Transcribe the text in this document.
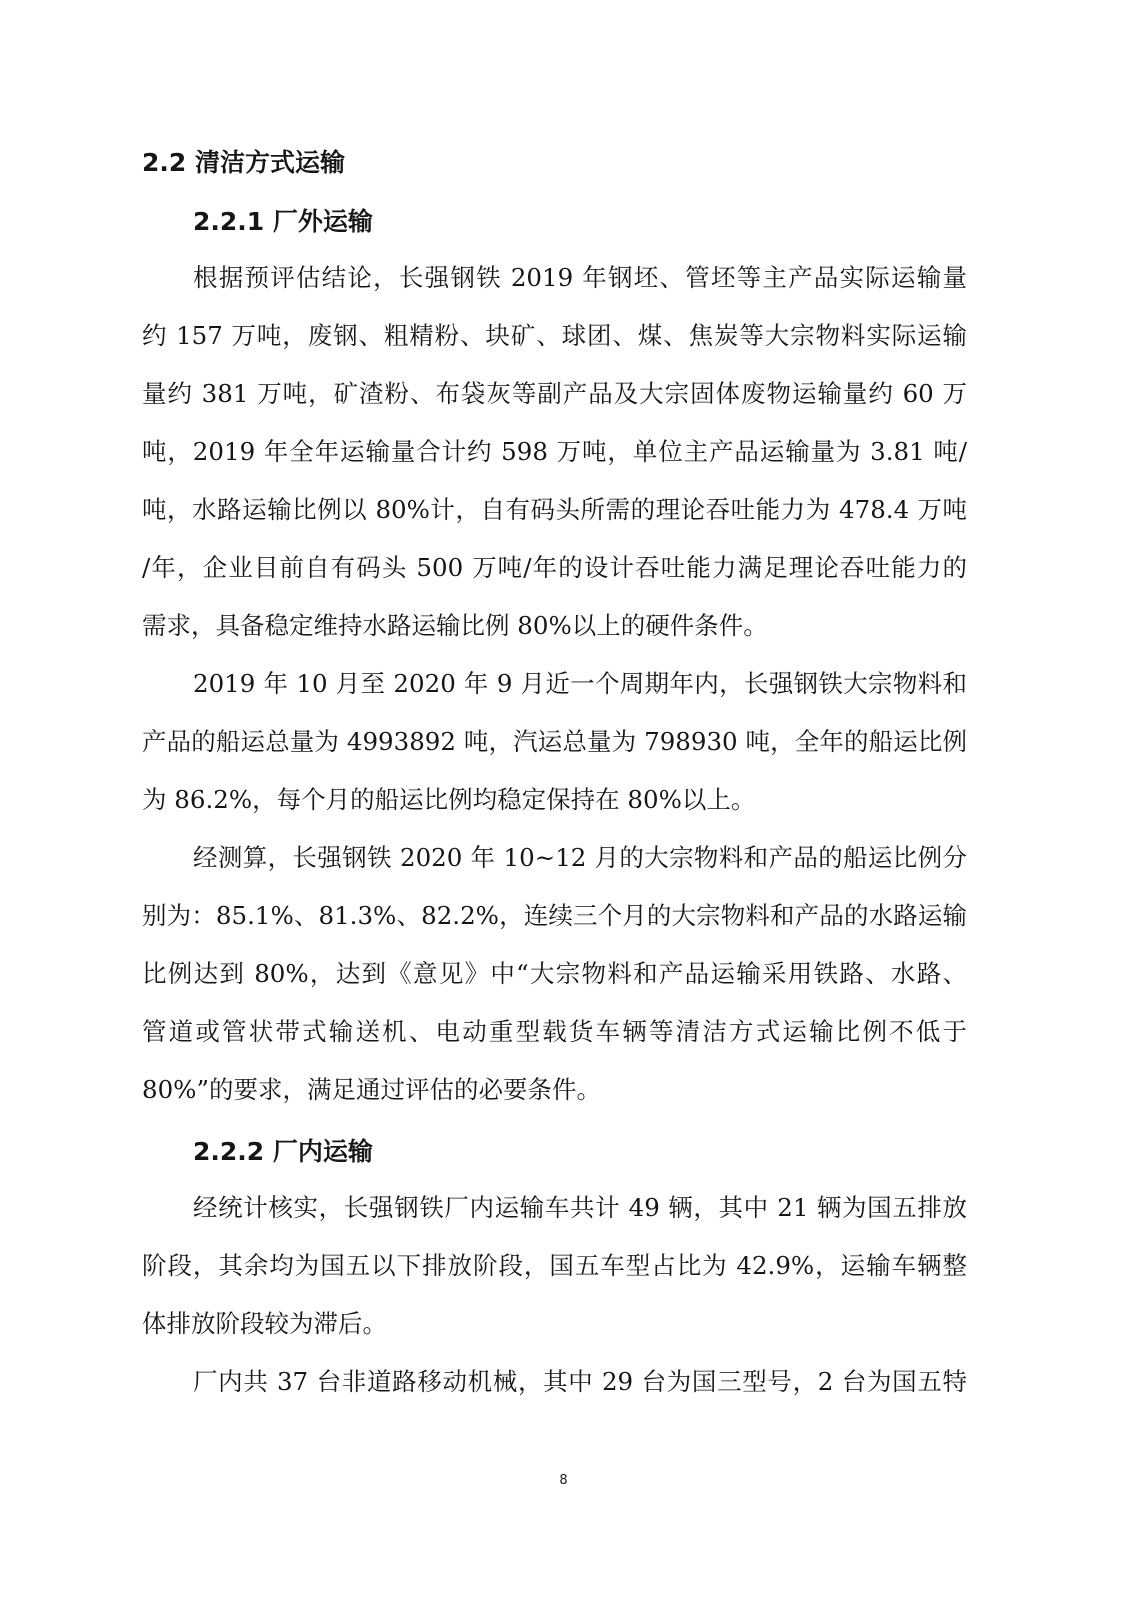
2.2 清洁方式运输
2.2.1 厂外运输

根据预评估结论，长强钢铁 2019 年钢坯、管坯等主产品实际运输量
约 157 万吨，废钢、粗精粉、块矿、球团、煤、焦炭等大宗物料实际运输
量约 381 万吨，矿渣粉、布袋灰等副产品及大宗固体废物运输量约 60 万
吨，2019 年全年运输量合计约 598 万吨，单位主产品运输量为 3.81 吨/
吨，水路运输比例以 80%计，自有码头所需的理论吞吐能力为 478.4 万吨
/年，企业目前自有码头 500 万吨/年的设计吞吐能力满足理论吞吐能力的
需求，具备稳定维持水路运输比例 80%以上的硬件条件。

2019 年 10 月至 2020 年 9 月近一个周期年内，长强钢铁大宗物料和
产品的船运总量为 4993892 吨，汽运总量为 798930 吨，全年的船运比例
为 86.2%，每个月的船运比例均稳定保持在 80%以上。

经测算，长强钢铁 2020 年 10~12 月的大宗物料和产品的船运比例分
别为：85.1%、81.3%、82.2%，连续三个月的大宗物料和产品的水路运输
比例达到 80%，达到《意见》中“大宗物料和产品运输采用铁路、水路、
管道或管状带式输送机、电动重型载货车辆等清洁方式运输比例不低于
80%”的要求，满足通过评估的必要条件。

2.2.2 厂内运输

经统计核实，长强钢铁厂内运输车共计 49 辆，其中 21 辆为国五排放
阶段，其余均为国五以下排放阶段，国五车型占比为 42.9%，运输车辆整
体排放阶段较为滞后。

厂内共 37 台非道路移动机械，其中 29 台为国三型号，2 台为国五特

8
